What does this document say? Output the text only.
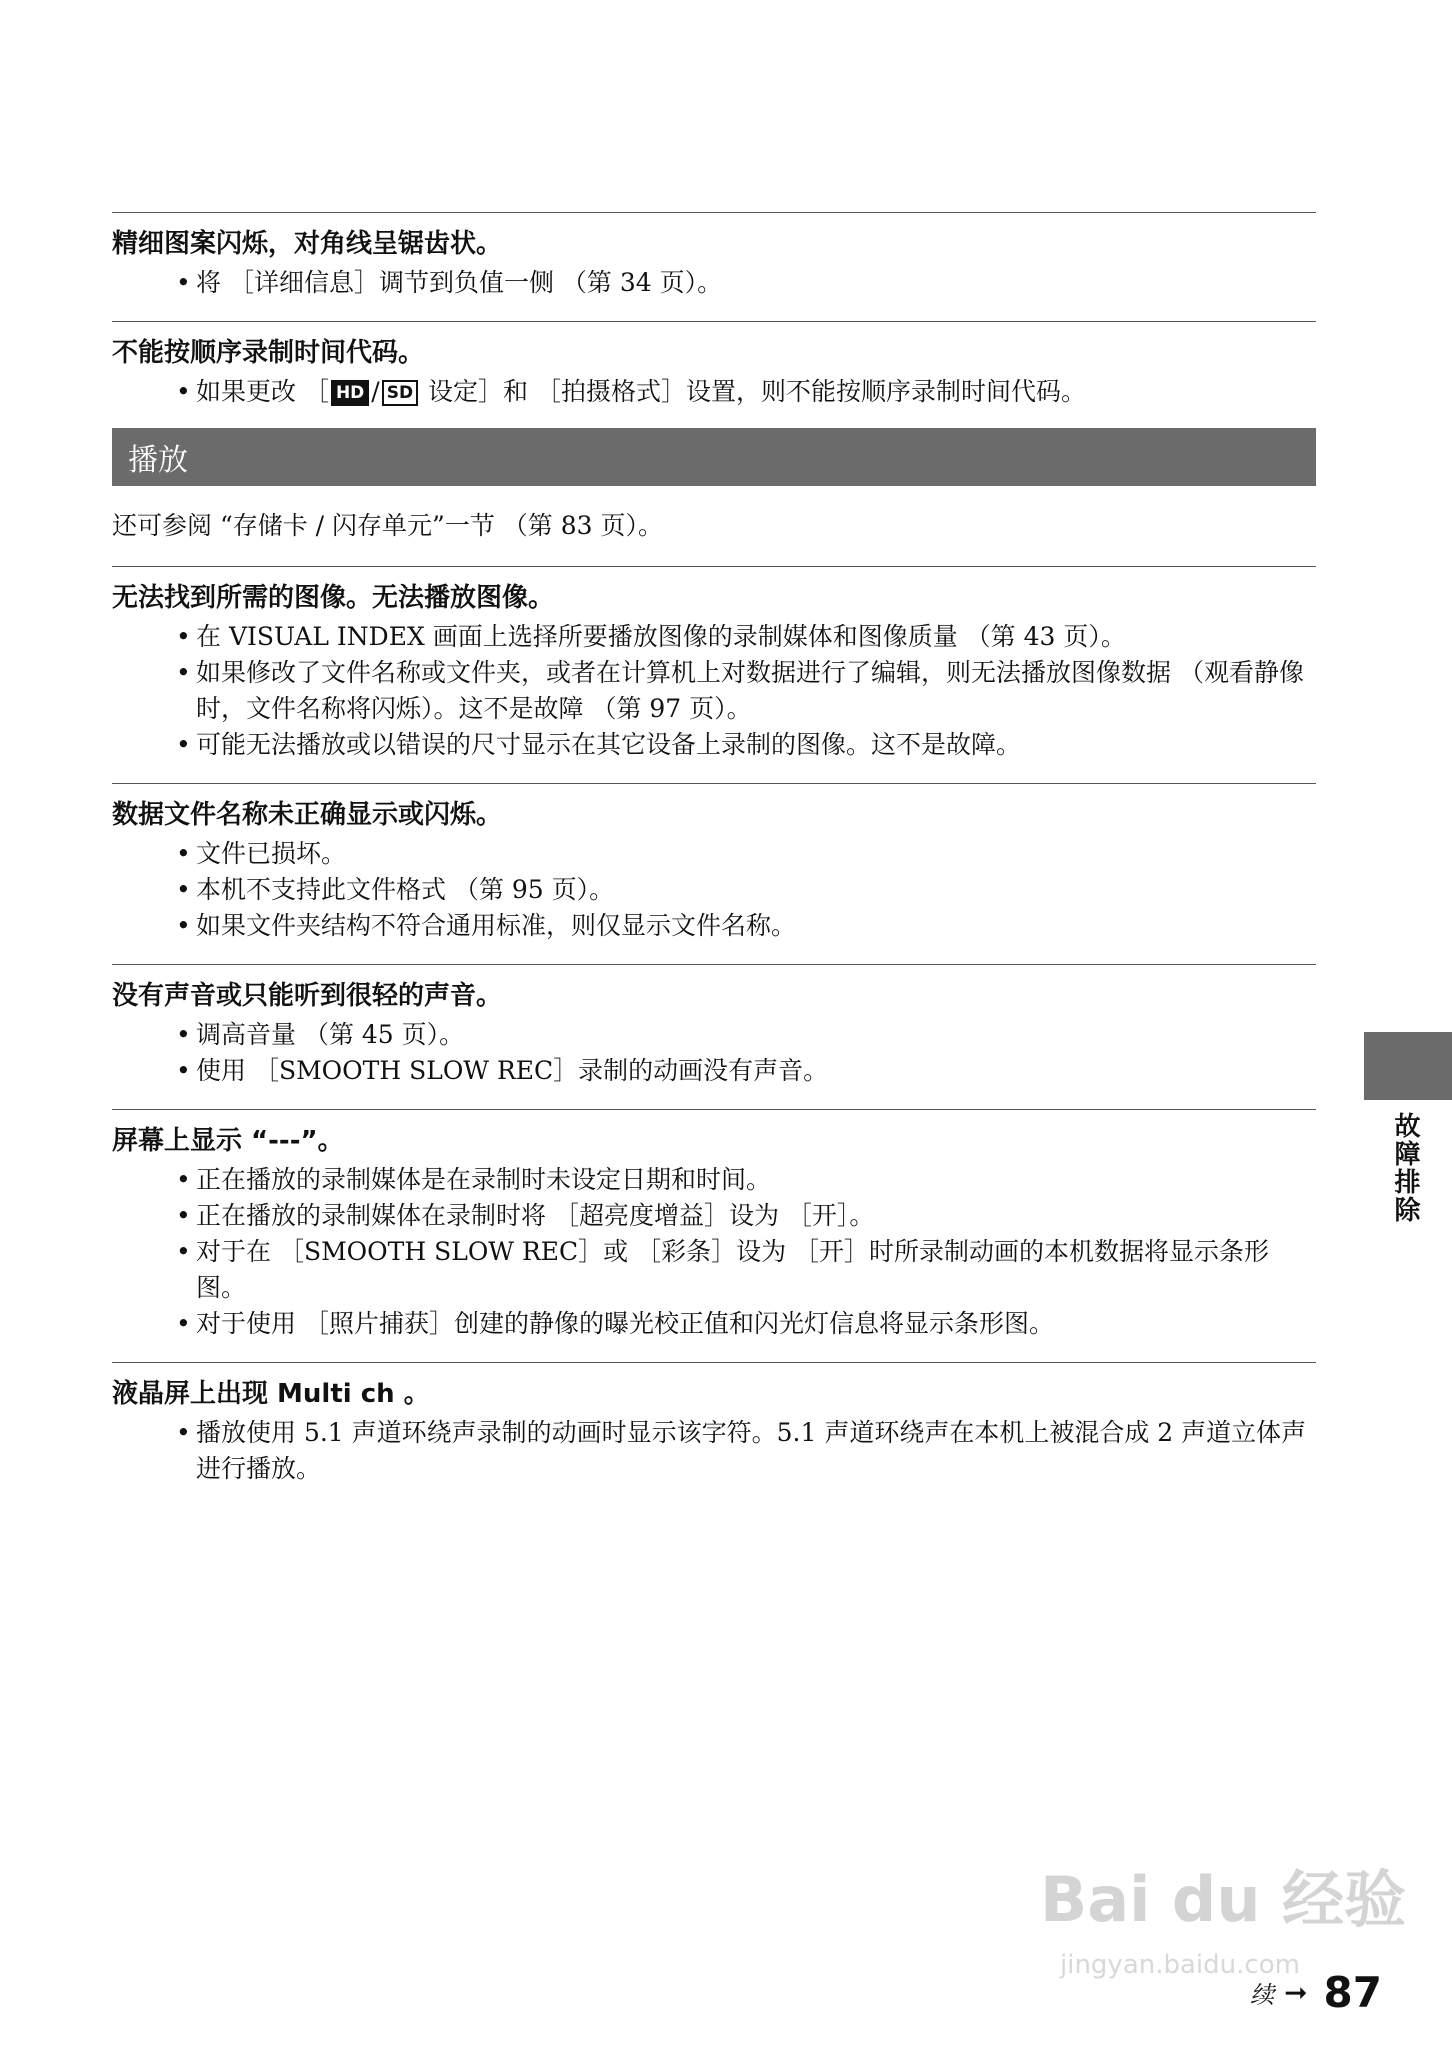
精细图案闪烁，对角线呈锯齿状。
• 将 ［详细信息］调节到负值一侧 （第 34 页）。
不能按顺序录制时间代码。
• 如果更改 ［ HD / SD 设定］和 ［拍摄格式］设置，则不能按顺序录制时间代码。
播放
还可参阅 “存储卡 / 闪存单元”一节 （第 83 页）。
无法找到所需的图像。无法播放图像。
• 在 VISUAL INDEX 画面上选择所要播放图像的录制媒体和图像质量 （第 43 页）。
• 如果修改了文件名称或文件夹，或者在计算机上对数据进行了编辑，则无法播放图像数据 （观看静像时，文件名称将闪烁）。这不是故障 （第 97 页）。
• 可能无法播放或以错误的尺寸显示在其它设备上录制的图像。这不是故障。
数据文件名称未正确显示或闪烁。
• 文件已损坏。
• 本机不支持此文件格式 （第 95 页）。
• 如果文件夹结构不符合通用标准，则仅显示文件名称。
没有声音或只能听到很轻的声音。
• 调高音量 （第 45 页）。
• 使用 ［SMOOTH SLOW REC］录制的动画没有声音。
屏幕上显示 “---”。
• 正在播放的录制媒体是在录制时未设定日期和时间。
• 正在播放的录制媒体在录制时将 ［超亮度增益］设为 ［开］。
• 对于在 ［SMOOTH SLOW REC］或 ［彩条］设为 ［开］时所录制动画的本机数据将显示条形图。
• 对于使用 ［照片捕获］创建的静像的曝光校正值和闪光灯信息将显示条形图。
液晶屏上出现 Multi ch 。
• 播放使用 5.1 声道环绕声录制的动画时显示该字符。5.1 声道环绕声在本机上被混合成 2 声道立体声进行播放。
故障排除
Bai du 经验
jingyan.baidu.com
续 ➞ 87
